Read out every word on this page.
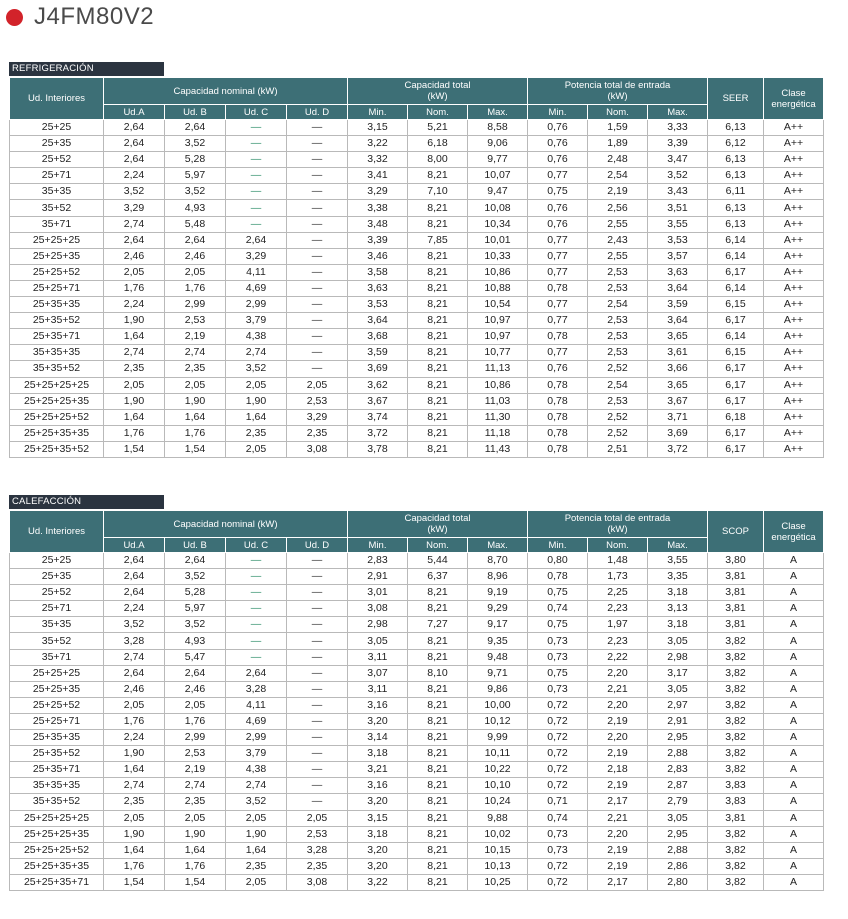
J4FM80V2
REFRIGERACIÓN
Ud. Interiores	Capacidad nominal (kW)				Capacidad total
(kW)			Potencia total de entrada
(kW)			SEER	Clase
energética

	Ud.A	Ud. B	Ud. C	Ud. D	Min.	Nom.	Max.	Min.	Nom.	Max.		
25+25	2,64	2,64	—	—	3,15	5,21	8,58	0,76	1,59	3,33	6,13	A++
25+35	2,64	3,52	—	—	3,22	6,18	9,06	0,76	1,89	3,39	6,12	A++
25+52	2,64	5,28	—	—	3,32	8,00	9,77	0,76	2,48	3,47	6,13	A++
25+71	2,24	5,97	—	—	3,41	8,21	10,07	0,77	2,54	3,52	6,13	A++
35+35	3,52	3,52	—	—	3,29	7,10	9,47	0,75	2,19	3,43	6,11	A++
35+52	3,29	4,93	—	—	3,38	8,21	10,08	0,76	2,56	3,51	6,13	A++
35+71	2,74	5,48	—	—	3,48	8,21	10,34	0,76	2,55	3,55	6,13	A++
25+25+25	2,64	2,64	2,64	—	3,39	7,85	10,01	0,77	2,43	3,53	6,14	A++
25+25+35	2,46	2,46	3,29	—	3,46	8,21	10,33	0,77	2,55	3,57	6,14	A++
25+25+52	2,05	2,05	4,11	—	3,58	8,21	10,86	0,77	2,53	3,63	6,17	A++
25+25+71	1,76	1,76	4,69	—	3,63	8,21	10,88	0,78	2,53	3,64	6,14	A++
25+35+35	2,24	2,99	2,99	—	3,53	8,21	10,54	0,77	2,54	3,59	6,15	A++
25+35+52	1,90	2,53	3,79	—	3,64	8,21	10,97	0,77	2,53	3,64	6,17	A++
25+35+71	1,64	2,19	4,38	—	3,68	8,21	10,97	0,78	2,53	3,65	6,14	A++
35+35+35	2,74	2,74	2,74	—	3,59	8,21	10,77	0,77	2,53	3,61	6,15	A++
35+35+52	2,35	2,35	3,52	—	3,69	8,21	11,13	0,76	2,52	3,66	6,17	A++
25+25+25+25	2,05	2,05	2,05	2,05	3,62	8,21	10,86	0,78	2,54	3,65	6,17	A++
25+25+25+35	1,90	1,90	1,90	2,53	3,67	8,21	11,03	0,78	2,53	3,67	6,17	A++
25+25+25+52	1,64	1,64	1,64	3,29	3,74	8,21	11,30	0,78	2,52	3,71	6,18	A++
25+25+35+35	1,76	1,76	2,35	2,35	3,72	8,21	11,18	0,78	2,52	3,69	6,17	A++
25+25+35+52	1,54	1,54	2,05	3,08	3,78	8,21	11,43	0,78	2,51	3,72	6,17	A++
CALEFACCIÓN
Ud. Interiores	Capacidad nominal (kW)				Capacidad total
(kW)			Potencia total de entrada
(kW)			SCOP	Clase
energética

	Ud.A	Ud. B	Ud. C	Ud. D	Min.	Nom.	Max.	Min.	Nom.	Max.		
25+25	2,64	2,64	—	—	2,83	5,44	8,70	0,80	1,48	3,55	3,80	A
25+35	2,64	3,52	—	—	2,91	6,37	8,96	0,78	1,73	3,35	3,81	A
25+52	2,64	5,28	—	—	3,01	8,21	9,19	0,75	2,25	3,18	3,81	A
25+71	2,24	5,97	—	—	3,08	8,21	9,29	0,74	2,23	3,13	3,81	A
35+35	3,52	3,52	—	—	2,98	7,27	9,17	0,75	1,97	3,18	3,81	A
35+52	3,28	4,93	—	—	3,05	8,21	9,35	0,73	2,23	3,05	3,82	A
35+71	2,74	5,47	—	—	3,11	8,21	9,48	0,73	2,22	2,98	3,82	A
25+25+25	2,64	2,64	2,64	—	3,07	8,10	9,71	0,75	2,20	3,17	3,82	A
25+25+35	2,46	2,46	3,28	—	3,11	8,21	9,86	0,73	2,21	3,05	3,82	A
25+25+52	2,05	2,05	4,11	—	3,16	8,21	10,00	0,72	2,20	2,97	3,82	A
25+25+71	1,76	1,76	4,69	—	3,20	8,21	10,12	0,72	2,19	2,91	3,82	A
25+35+35	2,24	2,99	2,99	—	3,14	8,21	9,99	0,72	2,20	2,95	3,82	A
25+35+52	1,90	2,53	3,79	—	3,18	8,21	10,11	0,72	2,19	2,88	3,82	A
25+35+71	1,64	2,19	4,38	—	3,21	8,21	10,22	0,72	2,18	2,83	3,82	A
35+35+35	2,74	2,74	2,74	—	3,16	8,21	10,10	0,72	2,19	2,87	3,83	A
35+35+52	2,35	2,35	3,52	—	3,20	8,21	10,24	0,71	2,17	2,79	3,83	A
25+25+25+25	2,05	2,05	2,05	2,05	3,15	8,21	9,88	0,74	2,21	3,05	3,81	A
25+25+25+35	1,90	1,90	1,90	2,53	3,18	8,21	10,02	0,73	2,20	2,95	3,82	A
25+25+25+52	1,64	1,64	1,64	3,28	3,20	8,21	10,15	0,73	2,19	2,88	3,82	A
25+25+35+35	1,76	1,76	2,35	2,35	3,20	8,21	10,13	0,72	2,19	2,86	3,82	A
25+25+35+71	1,54	1,54	2,05	3,08	3,22	8,21	10,25	0,72	2,17	2,80	3,82	A
